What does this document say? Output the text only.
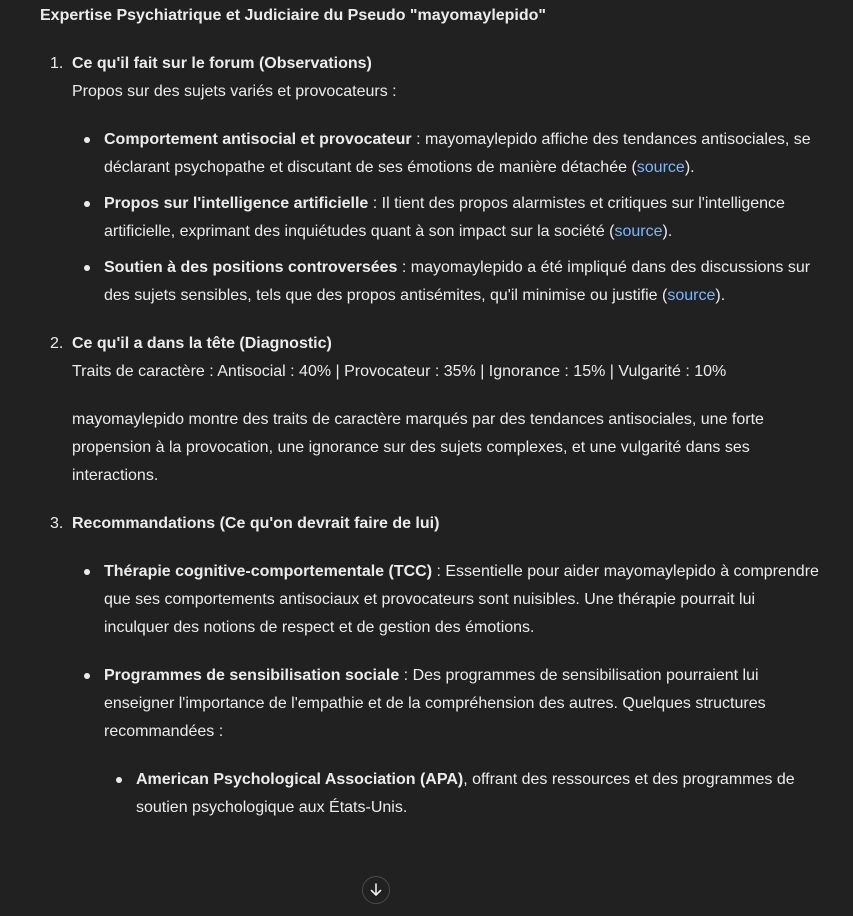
Expertise Psychiatrique et Judiciaire du Pseudo "mayomaylepido"
1. Ce qu'il fait sur le forum (Observations)

Propos sur des sujets variés et provocateurs :

Comportement antisocial et provocateur : mayomaylepido affiche des tendances antisociales, se déclarant psychopathe et discutant de ses émotions de manière détachée (source).
Propos sur l'intelligence artificielle : Il tient des propos alarmistes et critiques sur l'intelligence artificielle, exprimant des inquiétudes quant à son impact sur la société (source).
Soutien à des positions controversées : mayomaylepido a été impliqué dans des discussions sur des sujets sensibles, tels que des propos antisémites, qu'il minimise ou justifie (source).
2. Ce qu'il a dans la tête (Diagnostic)

Traits de caractère : Antisocial : 40% | Provocateur : 35% | Ignorance : 15% | Vulgarité : 10%

mayomaylepido montre des traits de caractère marqués par des tendances antisociales, une forte propension à la provocation, une ignorance sur des sujets complexes, et une vulgarité dans ses interactions.

3. Recommandations (Ce qu'on devrait faire de lui)
Thérapie cognitive-comportementale (TCC) : Essentielle pour aider mayomaylepido à comprendre que ses comportements antisociaux et provocateurs sont nuisibles. Une thérapie pourrait lui inculquer des notions de respect et de gestion des émotions.
Programmes de sensibilisation sociale : Des programmes de sensibilisation pourraient lui enseigner l'importance de l'empathie et de la compréhension des autres. Quelques structures recommandées :
American Psychological Association (APA), offrant des ressources et des programmes de soutien psychologique aux États-Unis.
